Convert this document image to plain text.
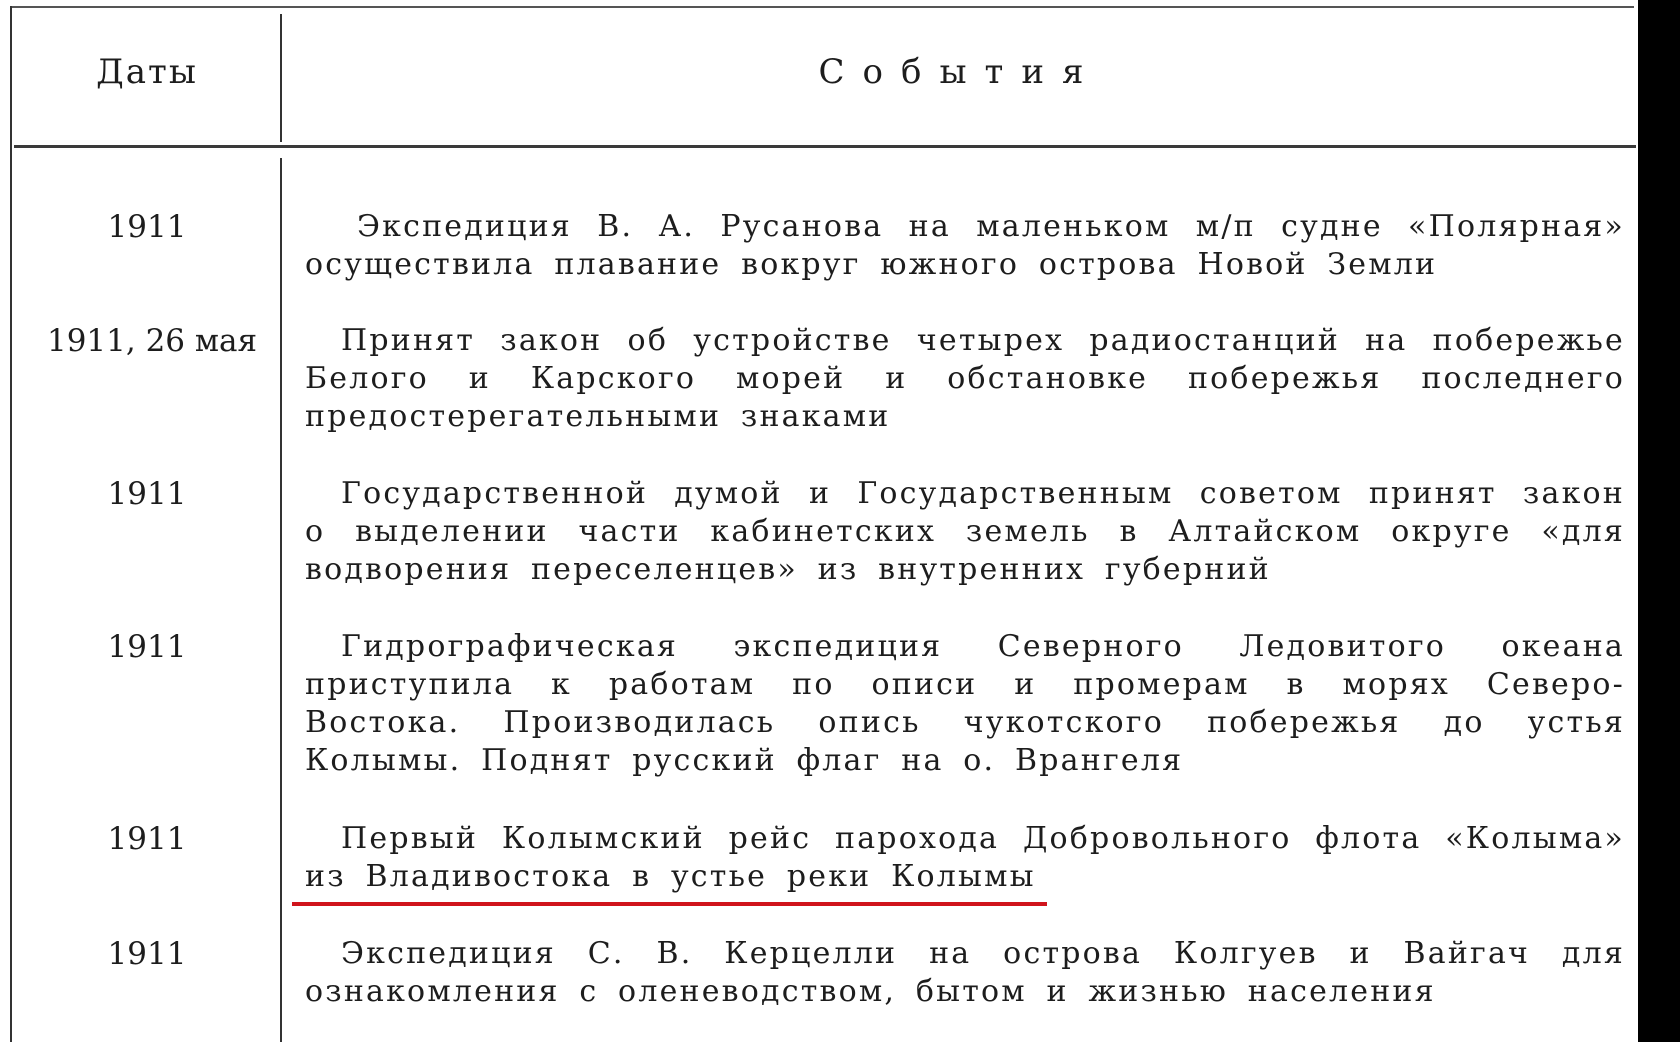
Даты	События
1911	Экспедиция В. А. Русанова на маленьком м/п судне «Полярная» осуществила плавание вокруг южного острова Новой Земли
1911, 26 мая	Принят закон об устройстве четырех радиостанций на побережье Белого и Карского морей и обстановке побережья последнего предостерегательными знаками
1911	Государственной думой и Государственным советом принят закон о выделении части кабинетских земель в Алтайском округе «для водворения переселенцев» из внутренних губерний
1911	Гидрографическая экспедиция Северного Ледовитого океана приступила к работам по описи и промерам в морях Северо-Востока. Производилась опись чукотского побережья до устья Колымы. Поднят русский флаг на о. Врангеля
1911	Первый Колымский рейс парохода Добровольного флота «Колыма» из Владивостока в устье реки Колымы
1911	Экспедиция С. В. Керцелли на острова Колгуев и Вайгач для ознакомления с оленеводством, бытом и жизнью населения
